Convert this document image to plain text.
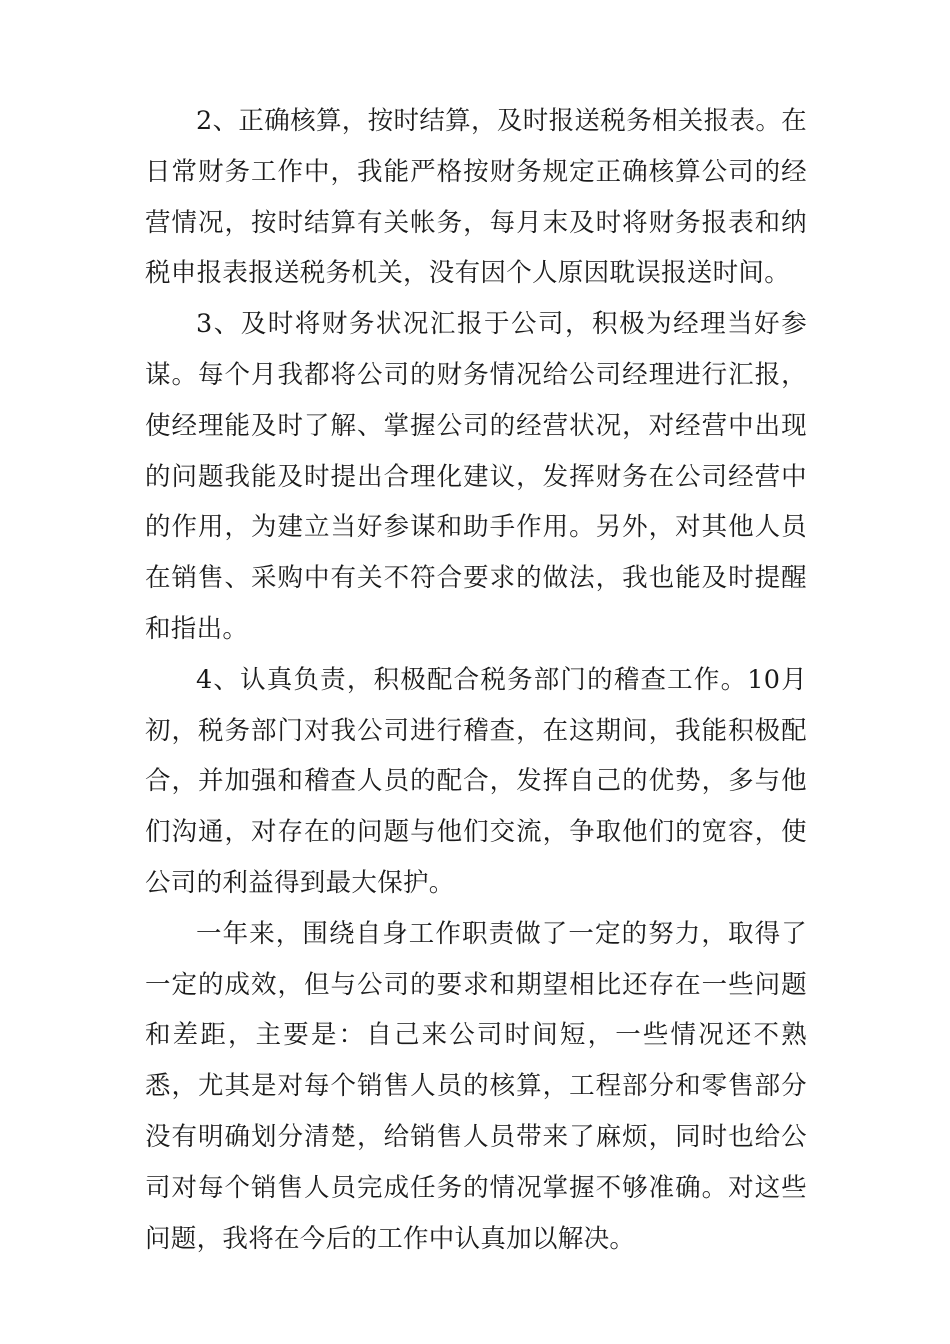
2、正确核算，按时结算，及时报送税务相关报表。在日常财务工作中，我能严格按财务规定正确核算公司的经营情况，按时结算有关帐务，每月末及时将财务报表和纳税申报表报送税务机关，没有因个人原因耽误报送时间。

3、及时将财务状况汇报于公司，积极为经理当好参谋。每个月我都将公司的财务情况给公司经理进行汇报，使经理能及时了解、掌握公司的经营状况，对经营中出现的问题我能及时提出合理化建议，发挥财务在公司经营中的作用，为建立当好参谋和助手作用。另外，对其他人员在销售、采购中有关不符合要求的做法，我也能及时提醒和指出。

4、认真负责，积极配合税务部门的稽查工作。10月初，税务部门对我公司进行稽查，在这期间，我能积极配合，并加强和稽查人员的配合，发挥自己的优势，多与他们沟通，对存在的问题与他们交流，争取他们的宽容，使公司的利益得到最大保护。

一年来，围绕自身工作职责做了一定的努力，取得了一定的成效，但与公司的要求和期望相比还存在一些问题和差距，主要是：自己来公司时间短，一些情况还不熟悉，尤其是对每个销售人员的核算，工程部分和零售部分没有明确划分清楚，给销售人员带来了麻烦，同时也给公司对每个销售人员完成任务的情况掌握不够准确。对这些问题，我将在今后的工作中认真加以解决。
